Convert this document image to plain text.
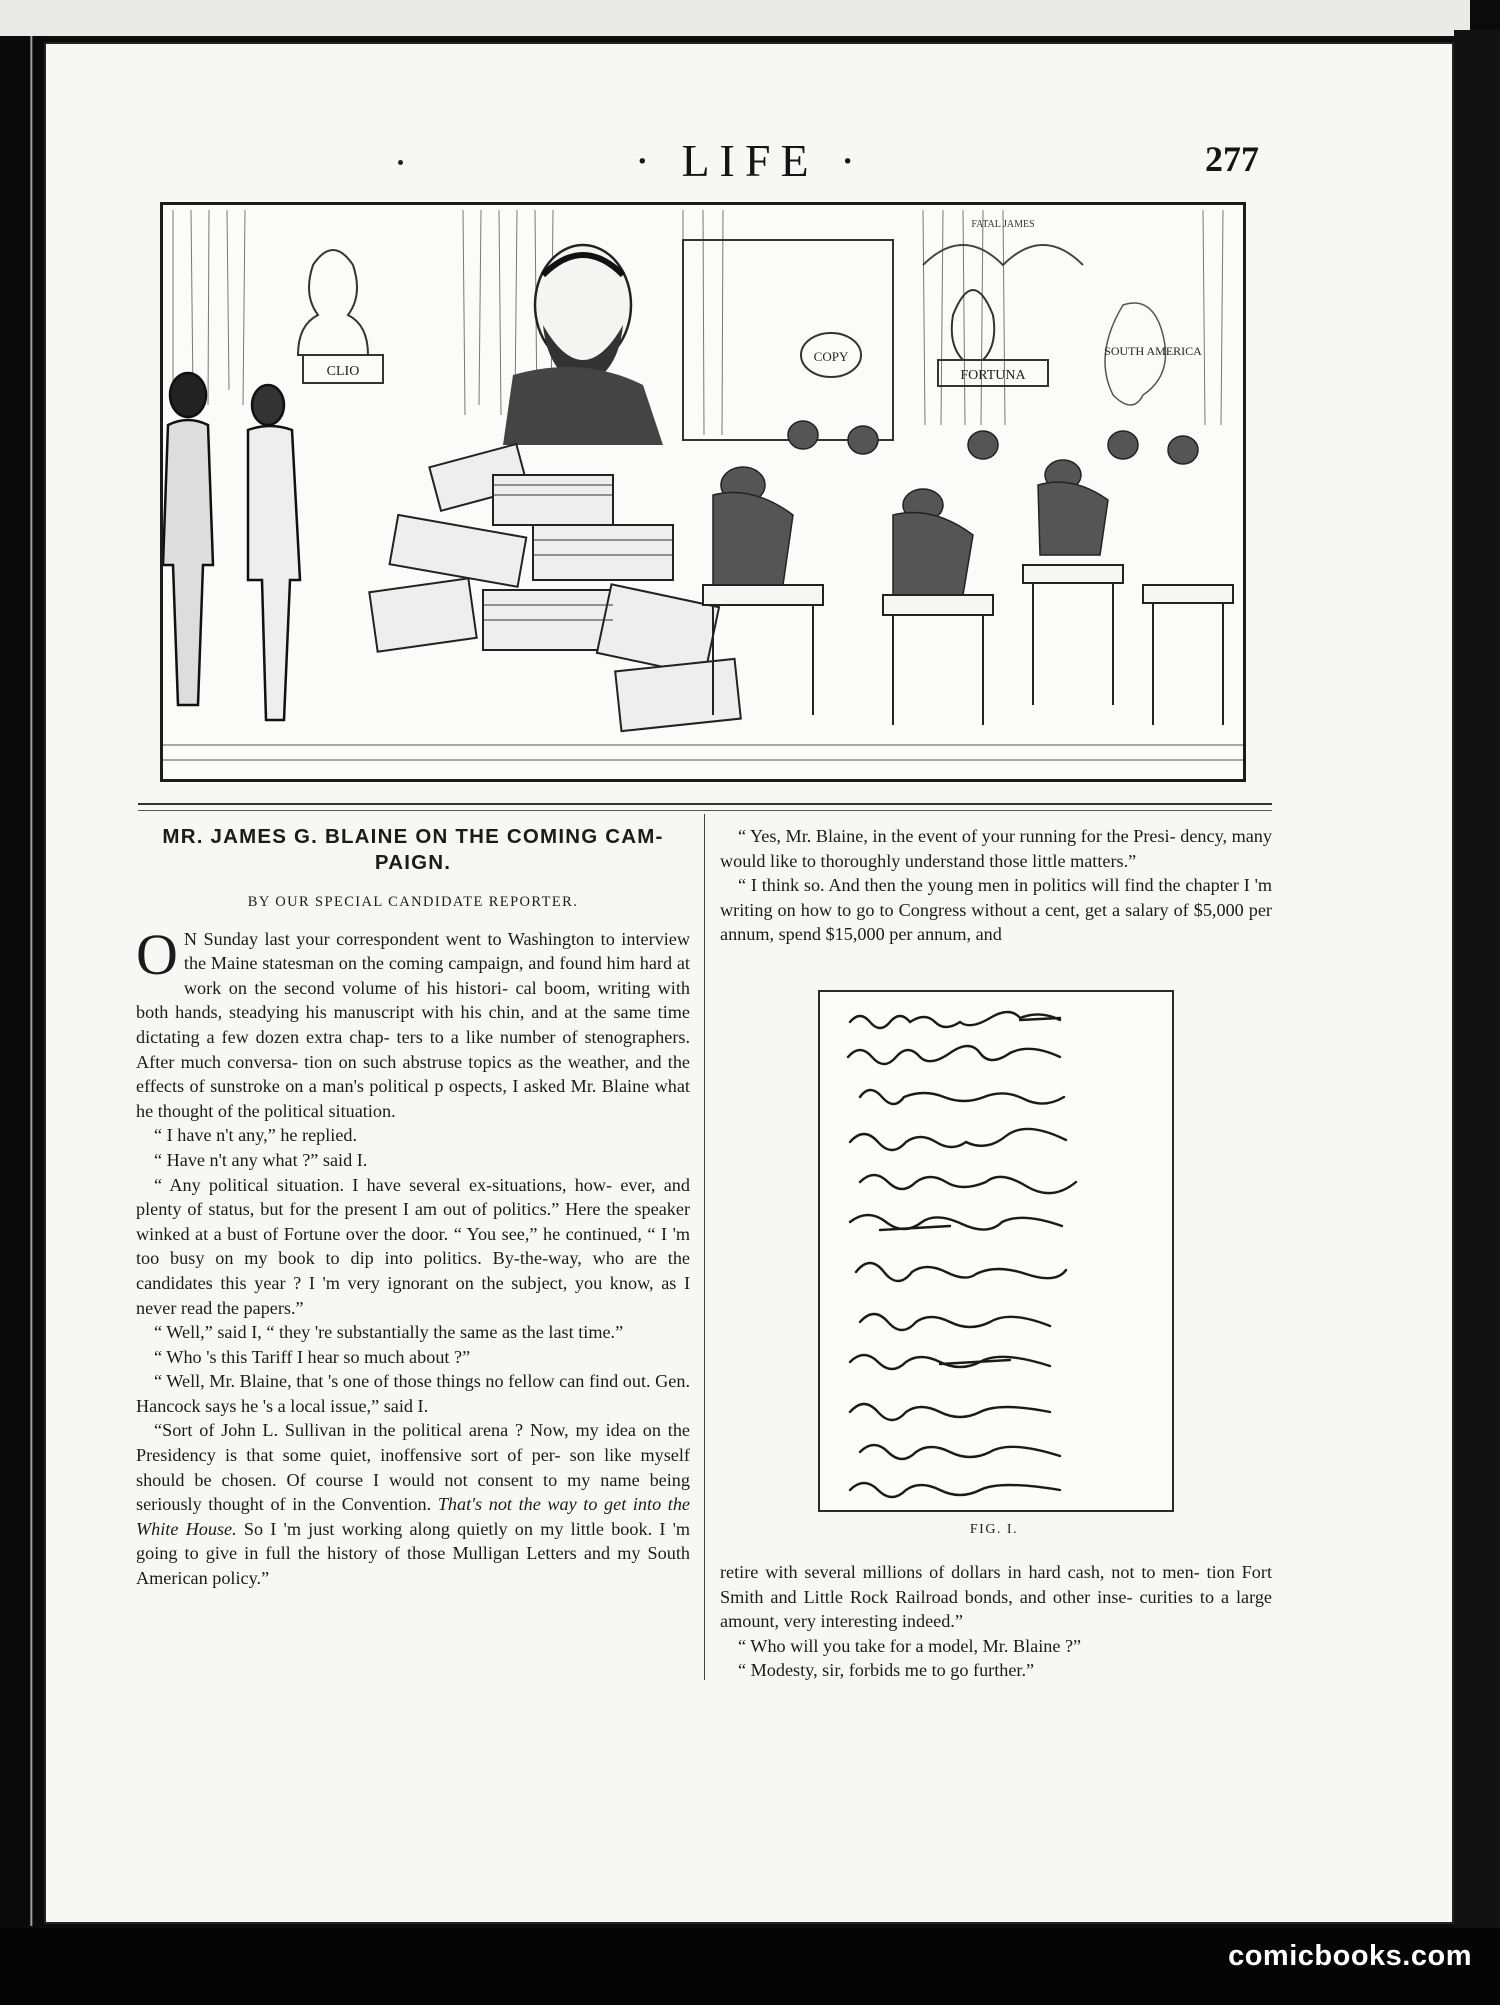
· LIFE ·	277
CLIO	FORTUNA
FATAL JAMES
COPY	SOUTH AMERICA
MR. JAMES G. BLAINE ON THE COMING CAM- PAIGN.
BY OUR SPECIAL CANDIDATE REPORTER.

O N Sunday last your correspondent went to Washington to interview the Maine statesman on the coming campaign, and found him hard at work on the second volume of his histori- cal boom, writing with both hands, steadying his manuscript with his chin, and at the same time dictating a few dozen extra chap- ters to a like number of stenographers. After much conversa- tion on such abstruse topics as the weather, and the effects of sunstroke on a man's political p ospects, I asked Mr. Blaine what he thought of the political situation.

“ I have n't any,” he replied.

“ Have n't any what ?” said I.

“ Any political situation. I have several ex-situations, how- ever, and plenty of status, but for the present I am out of politics.” Here the speaker winked at a bust of Fortune over the door. “ You see,” he continued, “ I 'm too busy on my book to dip into politics. By-the-way, who are the candidates this year ? I 'm very ignorant on the subject, you know, as I never read the papers.”

“ Well,” said I, “ they 're substantially the same as the last time.”

“ Who 's this Tariff I hear so much about ?”

“ Well, Mr. Blaine, that 's one of those things no fellow can find out. Gen. Hancock says he 's a local issue,” said I.

“Sort of John L. Sullivan in the political arena ? Now, my idea on the Presidency is that some quiet, inoffensive sort of per- son like myself should be chosen. Of course I would not consent to my name being seriously thought of in the Convention. That's not the way to get into the White House. So I 'm just working along quietly on my little book. I 'm going to give in full the history of those Mulligan Letters and my South American policy.”

“ Yes, Mr. Blaine, in the event of your running for the Presi- dency, many would like to thoroughly understand those little matters.”

“ I think so. And then the young men in politics will find the chapter I 'm writing on how to go to Congress without a cent, get a salary of $5,000 per annum, spend $15,000 per annum, and

FIG. I.

retire with several millions of dollars in hard cash, not to men- tion Fort Smith and Little Rock Railroad bonds, and other inse- curities to a large amount, very interesting indeed.”

“ Who will you take for a model, Mr. Blaine ?”

“ Modesty, sir, forbids me to go further.”

comicbooks.com
